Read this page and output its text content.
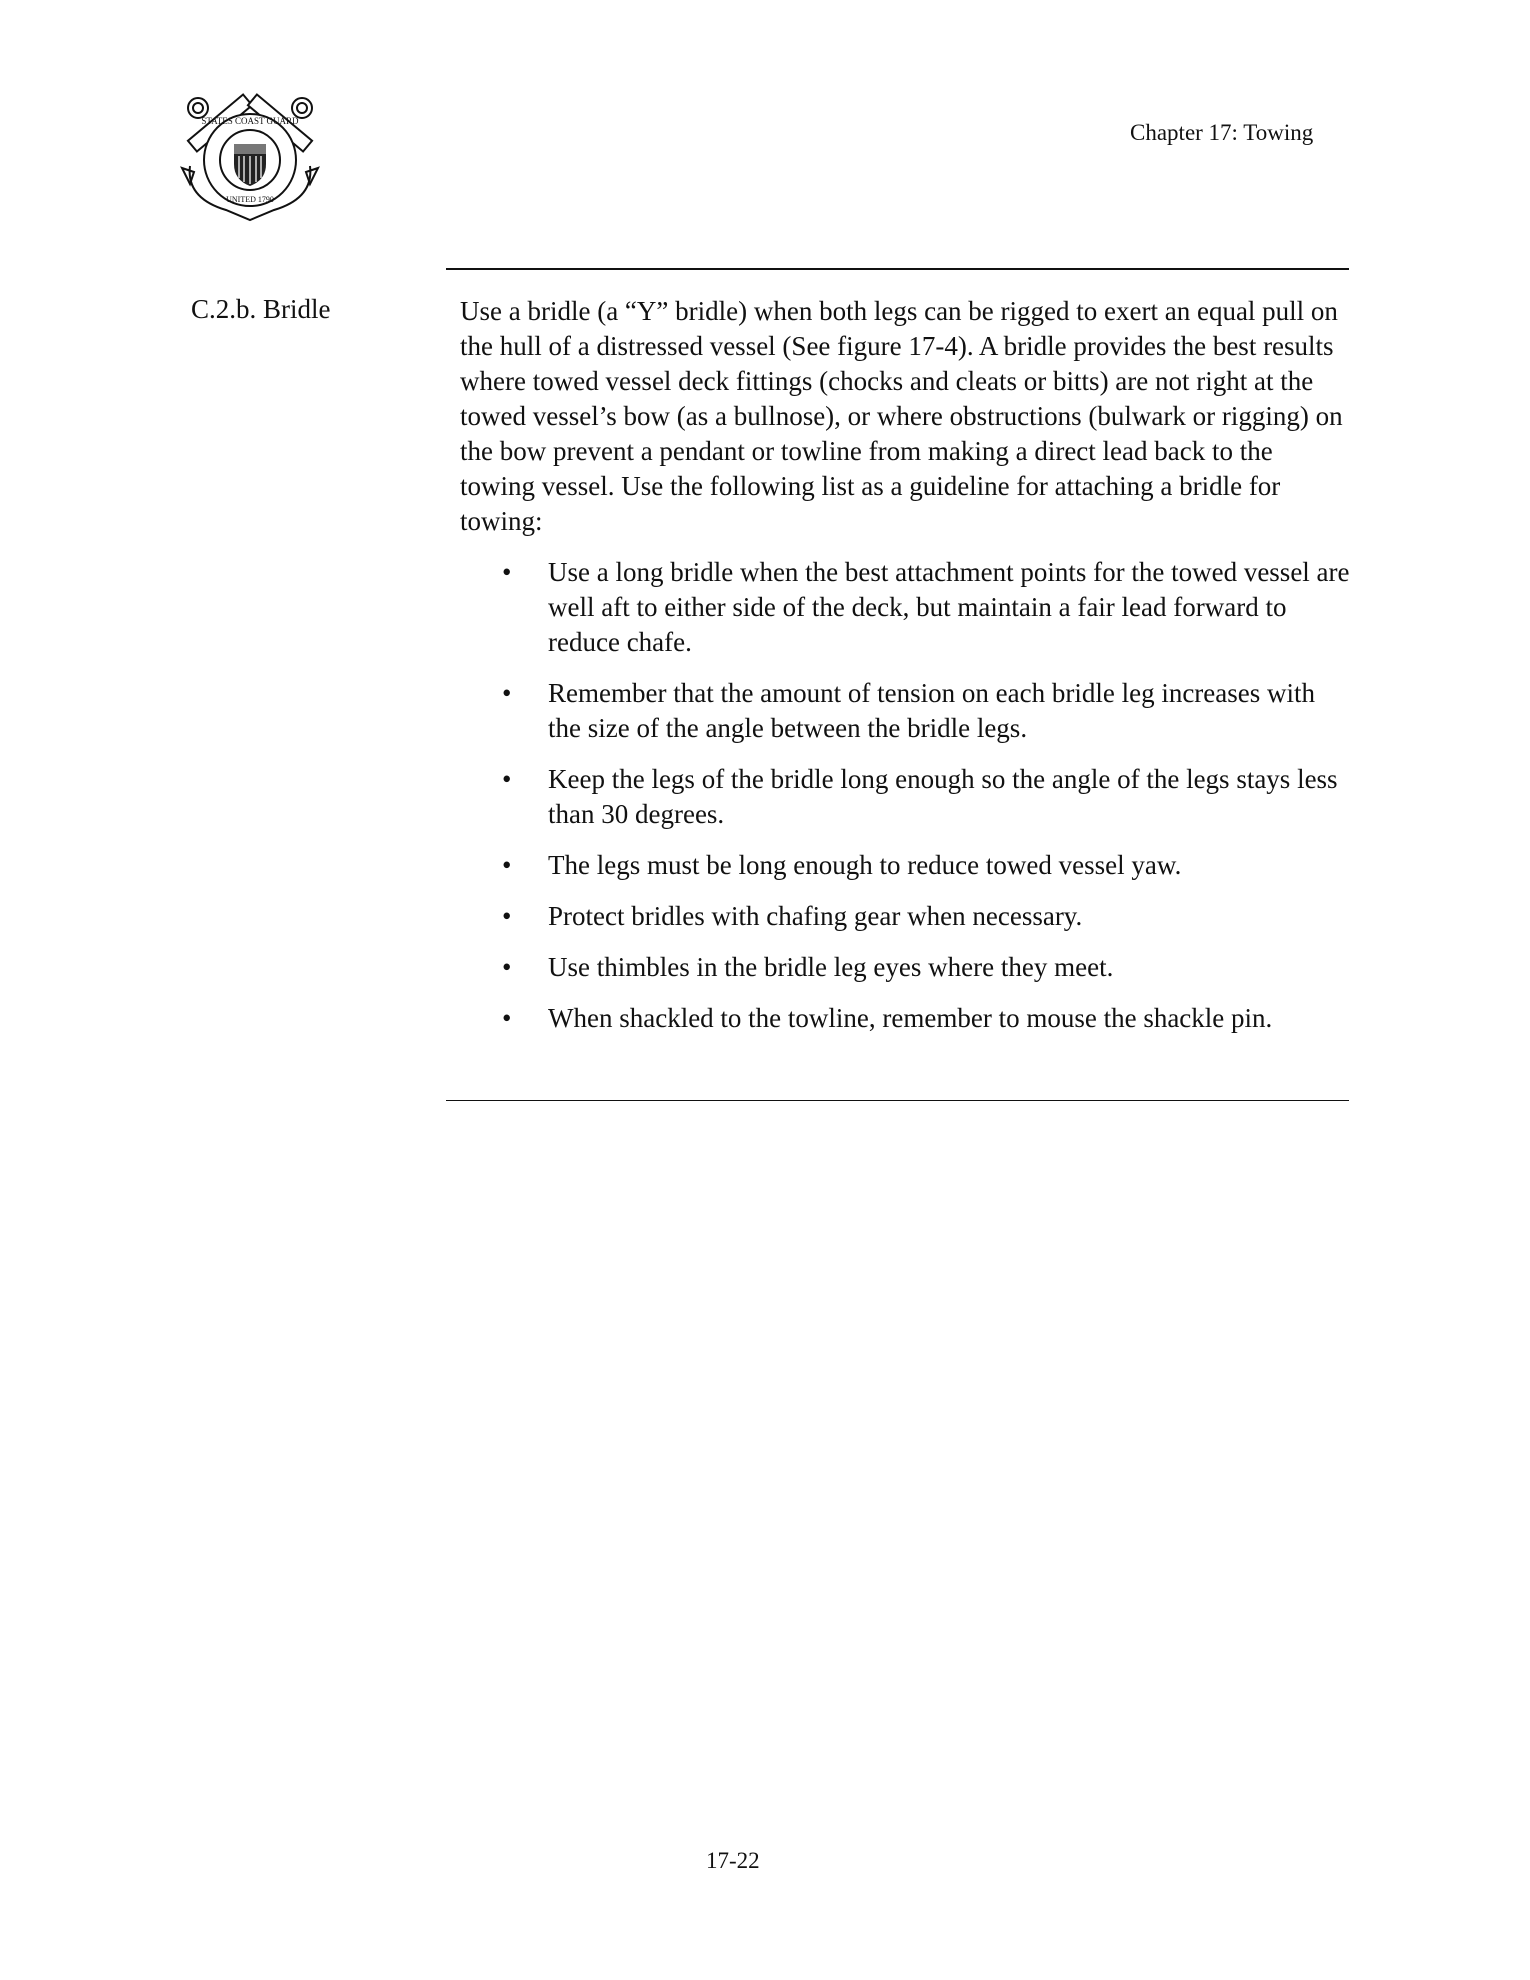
STATES COAST GUARD
UNITED 1790
Chapter 17: Towing
C.2.b. Bridle	Use a bridle (a “Y” bridle) when both legs can be rigged to exert an equal pull on the hull of a distressed vessel (See figure 17-4). A bridle provides the best results where towed vessel deck fittings (chocks and cleats or bitts) are not right at the towed vessel’s bow (as a bullnose), or where obstructions (bulwark or rigging) on the bow prevent a pendant or towline from making a direct lead back to the towing vessel. Use the following list as a guideline for attaching a bridle for towing:

• Use a long bridle when the best attachment points for the towed vessel are well aft to either side of the deck, but maintain a fair lead forward to reduce chafe.
• Remember that the amount of tension on each bridle leg increases with the size of the angle between the bridle legs.
• Keep the legs of the bridle long enough so the angle of the legs stays less than 30 degrees.
• The legs must be long enough to reduce towed vessel yaw.
• Protect bridles with chafing gear when necessary.
• Use thimbles in the bridle leg eyes where they meet.
• When shackled to the towline, remember to mouse the shackle pin.
17-22
